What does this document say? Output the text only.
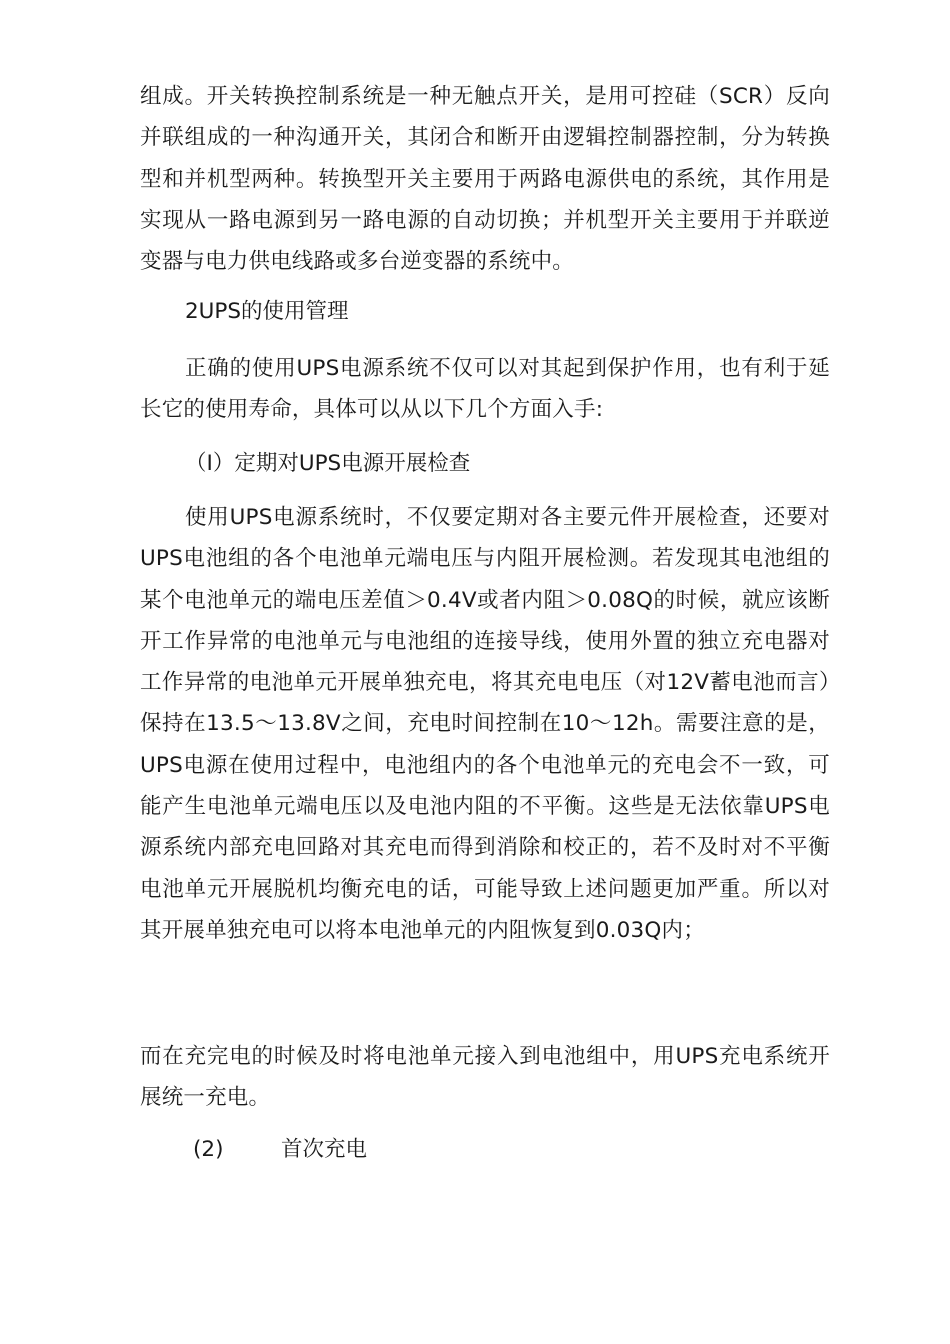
组成。开关转换控制系统是一种无触点开关，是用可控硅（SCR）反向并联组成的一种沟通开关，其闭合和断开由逻辑控制器控制，分为转换型和并机型两种。转换型开关主要用于两路电源供电的系统，其作用是实现从一路电源到另一路电源的自动切换；并机型开关主要用于并联逆变器与电力供电线路或多台逆变器的系统中。

2UPS的使用管理

正确的使用UPS电源系统不仅可以对其起到保护作用，也有利于延长它的使用寿命，具体可以从以下几个方面入手:

（I）定期对UPS电源开展检查

使用UPS电源系统时，不仅要定期对各主要元件开展检查，还要对UPS电池组的各个电池单元端电压与内阻开展检测。若发现其电池组的某个电池单元的端电压差值＞0.4V或者内阻＞0.08Q的时候，就应该断开工作异常的电池单元与电池组的连接导线，使用外置的独立充电器对工作异常的电池单元开展单独充电，将其充电电压（对12V蓄电池而言）保持在13.5〜13.8V之间，充电时间控制在10〜12h。需要注意的是，UPS电源在使用过程中，电池组内的各个电池单元的充电会不一致，可能产生电池单元端电压以及电池内阻的不平衡。这些是无法依靠UPS电源系统内部充电回路对其充电而得到消除和校正的，若不及时对不平衡电池单元开展脱机均衡充电的话，可能导致上述问题更加严重。所以对其开展单独充电可以将本电池单元的内阻恢复到0.03Q内；

而在充完电的时候及时将电池单元接入到电池组中，用UPS充电系统开展统一充电。

(2)	首次充电
